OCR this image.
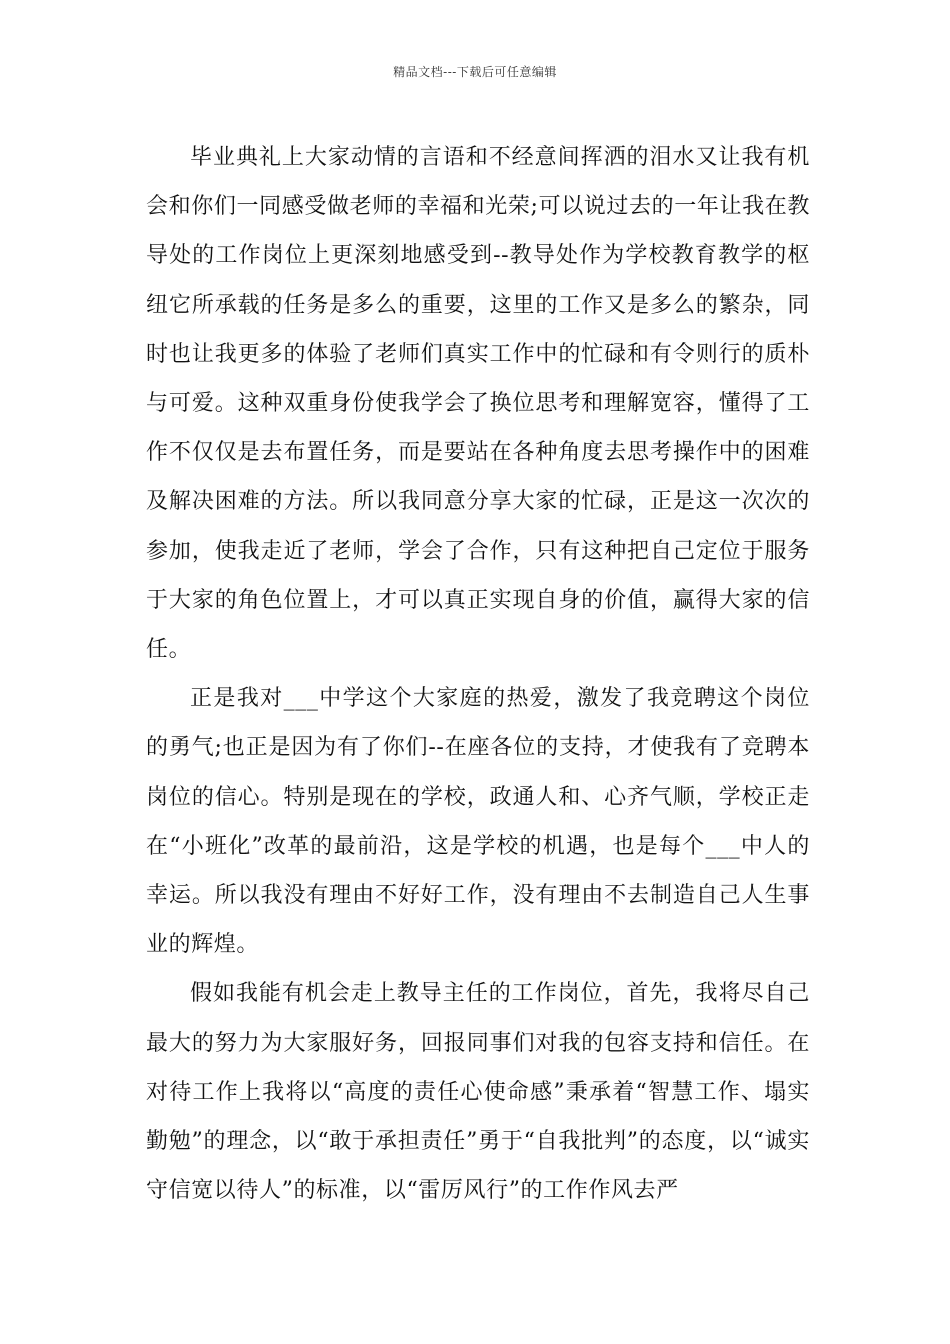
精品文档---下载后可任意编辑

毕业典礼上大家动情的言语和不经意间挥洒的泪水又让我有机会和你们一同感受做老师的幸福和光荣;可以说过去的一年让我在教导处的工作岗位上更深刻地感受到--教导处作为学校教育教学的枢纽它所承载的任务是多么的重要，这里的工作又是多么的繁杂，同时也让我更多的体验了老师们真实工作中的忙碌和有令则行的质朴与可爱。这种双重身份使我学会了换位思考和理解宽容，懂得了工作不仅仅是去布置任务，而是要站在各种角度去思考操作中的困难及解决困难的方法。所以我同意分享大家的忙碌，正是这一次次的参加，使我走近了老师，学会了合作，只有这种把自己定位于服务于大家的角色位置上，才可以真正实现自身的价值，赢得大家的信任。

正是我对___中学这个大家庭的热爱，激发了我竞聘这个岗位的勇气;也正是因为有了你们--在座各位的支持，才使我有了竞聘本岗位的信心。特别是现在的学校，政通人和、心齐气顺，学校正走在“小班化”改革的最前沿，这是学校的机遇，也是每个___中人的幸运。所以我没有理由不好好工作，没有理由不去制造自己人生事业的辉煌。

假如我能有机会走上教导主任的工作岗位，首先，我将尽自己最大的努力为大家服好务，回报同事们对我的包容支持和信任。在对待工作上我将以“高度的责任心使命感”秉承着“智慧工作、塌实勤勉”的理念，以“敢于承担责任”勇于“自我批判”的态度，以“诚实守信宽以待人”的标准，以“雷厉风行”的工作作风去严
